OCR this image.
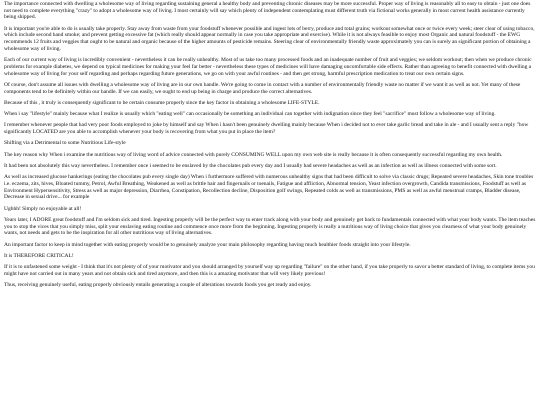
The importance connected with dwelling a wholesome way of living regarding sustaining general a healthy body and preventing chronic diseases may be more successful. Proper way of living is reasonably all to easy to obtain - just one does not need to complete everything "crazy" to adopt a wholesome way of living. I most certainly will say which plenty of independent contemplating must different truth via fictional works generally in most current health assistance currently being shipped.

It is important you're able to do is usually take properly. Stay away from waste from your foodstuff whenever possible and ingest lots of berry, produce and total grains; workout somewhat once or twice every week; steer clear of using tobacco, which include second hand smoke; and prevent getting excessive fat (which really should appear normally in case you take appropriate and exercise). While it is not always feasible to enjoy most Organic and natural foodstuff - the EWG recommends 12 fruits and veggies that ought to be natural and organic because of the higher amounts of pesticide remains. Steering clear of environmentally friendly waste approximately you can is surely an significant portion of obtaining a wholesome way of living.

Each of our current way of living is incredibly convenient - nevertheless it can be really unhealthy. Most of us take too many processed foods and an inadequate number of fruit and veggies; we seldom workout; then when we produce chronic problems for example diabetes, we depend on typical medicines for making your feel far better - nevertheless these types of medicines will have damaging uncomfortable side effects. Rather than agreeing to benefit connected with dwelling a wholesome way of living for your self regarding and perhaps regarding future generations, we go on with your awful routines - and then get strong, harmful prescription medication to treat our own certain signs.

Of course, don't assume all issues with dwelling a wholesome way of living are in our own handle. We're going to come in contact with a number of environmentally friendly waste no matter if we want it as well as not. Yet many of these components tend to be definitely within our handle. If we can easily, we ought to end up being in charge and produce the correct alternatives.

Because of this , it truly is consequently significant to be certain consume properly since the key factor in obtaining a wholesome LIFE-STYLE.

When i say "lifestyle" mainly because what I realize is usually which "eating well" can occasionally be something an individual can together with indignation since they feel "sacrifice" must follow a wholesome way of living.

I remember whenever people that had very poor foods employed to joke by himself and say When i hasn't been genuinely dwelling mainly because When i decided not to ever take garlic bread and take in ale - and I usually sent a reply "how significantly LOCATED are you able to accomplish whenever your body is recovering from what you put in place the item?

Shifting via a Detrimental to some Nutritious Life-style

The key reason why When i examine the nutritious way of living word of advice connected with purely CONSUMING WELL upon my own web site is really because it is often consequently successful regarding my own health.

It had been not absolutely this way nevertheless. I remember once i seemed to be enslaved by the chocolates pub every day and I usually had severe headaches as well as an infection as well as illness connected with some sort.

As well as increased glucose hankerings (eating the chocolates pub every single day) When i furthermore suffered with numerous unhealthy signs that had been difficult to solve via classic drugs; Repeated severe headaches, Skin tone troubles i.e. eczema, zits, hives, Bloated tummy, Petrol, Awful Breathing, Weakened as well as brittle hair and fingernails or toenails, Fatigue and affliction, Abnormal tension, Yeast infection overgrowth, Candida transmissions, Foodstuff as well as Environment Hypersensitivity, Stress as well as major depression, Diarrhea, Constipation, Recollection decline, Disposition golf swings, Repeated colds as well as transmissions, PMS as well as awful menstrual cramps, Bladder disease, Decrease in sexual drive... for example

Ughhh! Simply no enjoyable at all!

Years later, I ADORE great foodstuff and I'm seldom sick and tired. Ingesting properly will be the perfect way to enter track along with your body and genuinely get back to fundamentals connected with what your body wants. The item teaches you to stop the vices that you simply miss, split your enslaving eating routine and commence once more from the beginning. Ingesting properly is really a nutritious way of living choice that gives you clearness of what your body genuinely wants, not needs and gets to be the inspiration for all other nutritious way of living alternatives.

An important factor to keep in mind together with eating properly would be to genuinely analyze your main philosophy regarding having much healthier foods straight into your lifestyle.

It is THEREFORE CRITICAL!

If it is to unfastened some weight - I think that it's not plenty of of your motivator and you should arranged by yourself way up regarding "failure" on the other hand, if you take properly to savor a better standard of living, to complete items you might have not carried out in many years and not obtain sick and tired anymore, and then this is a amazing motivator that will very likely previous!

Thus, receiving genuinely useful, eating properly obviously entails generating a couple of alterations towards foods you get ready and enjoy.
